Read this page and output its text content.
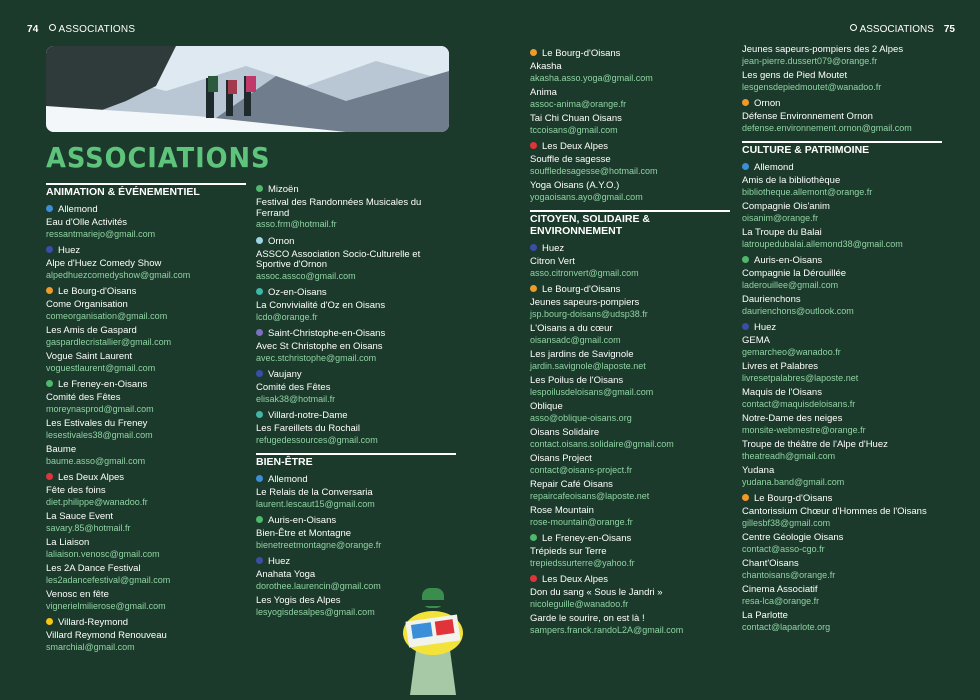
74 ASSOCIATIONS	ASSOCIATIONS 75
ASSOCIATIONS
ANIMATION & ÉVÉNEMENTIEL
Allemond
Eau d'Olle Activités
ressantmariejo@gmail.com
Huez
Alpe d'Huez Comedy Show
alpedhuezcomedyshow@gmail.com
Le Bourg-d'Oisans
Come Organisation
comeorganisation@gmail.com
Les Amis de Gaspard
gaspardlecristallier@gmail.com
Vogue Saint Laurent
voguestlaurent@gmail.com
Le Freney-en-Oisans
Comité des Fêtes
moreynasprod@gmail.com
Les Estivales du Freney
lesestivales38@gmail.com
Baume
baume.asso@gmail.com
Les Deux Alpes
Fête des foins
diet.philippe@wanadoo.fr
La Sauce Event
savary.85@hotmail.fr
La Liaison
laliaison.venosc@gmail.com
Les 2A Dance Festival
les2adancefestival@gmail.com
Venosc en fête
vignerielmilierose@gmail.com
Villard-Reymond
Villard Reymond Renouveau
smarchial@gmail.com
Mizoën
Festival des Randonnées Musicales du Ferrand
asso.frm@hotmail.fr
Ornon
ASSCO Association Socio-Culturelle et Sportive d'Ornon
assoc.assco@gmail.com
Oz-en-Oisans
La Convivialité d'Oz en Oisans
lcdo@orange.fr
Saint-Christophe-en-Oisans
Avec St Christophe en Oisans
avec.stchristophe@gmail.com
Vaujany
Comité des Fêtes
elisak38@hotmail.fr
Villard-notre-Dame
Les Fareillets du Rochail
refugedessources@gmail.com
BIEN-ÊTRE
Allemond
Le Relais de la Conversaria
laurent.lescaut15@gmail.com
Auris-en-Oisans
Bien-Être et Montagne
bienetreetmontagne@orange.fr
Huez
Anahata Yoga
dorothee.laurencin@gmail.com
Les Yogis des Alpes
lesyogisdesalpes@gmail.com
Le Bourg-d'Oisans
Akasha
akasha.asso.yoga@gmail.com
Anima
assoc-anima@orange.fr
Tai Chi Chuan Oisans
tccoisans@gmail.com
Les Deux Alpes
Souffle de sagesse
souffledesagesse@hotmail.com
Yoga Oisans (A.Y.O.)
yogaoisans.ayo@gmail.com
CITOYEN, SOLIDAIRE & ENVIRONNEMENT
Huez
Citron Vert
asso.citronvert@gmail.com
Le Bourg-d'Oisans
Jeunes sapeurs-pompiers
jsp.bourg-doisans@udsp38.fr
L'Oisans a du cœur
oisansadc@gmail.com
Les jardins de Savignole
jardin.savignole@laposte.net
Les Poilus de l'Oisans
lespoilusdeloisans@gmail.com
Oblique
asso@oblique-oisans.org
Oisans Solidaire
contact.oisans.solidaire@gmail.com
Oisans Project
contact@oisans-project.fr
Repair Café Oisans
repaircafeoisans@laposte.net
Rose Mountain
rose-mountain@orange.fr
Le Freney-en-Oisans
Trépieds sur Terre
trepiedssurterre@yahoo.fr
Les Deux Alpes
Don du sang « Sous le Jandri »
nicoleguille@wanadoo.fr
Garde le sourire, on est là !
sampers.franck.randoL2A@gmail.com
Jeunes sapeurs-pompiers des 2 Alpes
jean-pierre.dussert079@orange.fr
Les gens de Pied Moutet
lesgensdepiedmoutet@wanadoo.fr
Ornon
Défense Environnement Ornon
defense.environnement.ornon@gmail.com
CULTURE & PATRIMOINE
Allemond
Amis de la bibliothèque
bibliotheque.allemont@orange.fr
Compagnie Ois'anim
oisanim@orange.fr
La Troupe du Balai
latroupedubalai.allemond38@gmail.com
Auris-en-Oisans
Compagnie la Dérouillée
laderouillee@gmail.com
Daurienchons
daurienchons@outlook.com
Huez
GEMA
gemarcheo@wanadoo.fr
Livres et Palabres
livresetpalabres@laposte.net
Maquis de l'Oisans
contact@maquisdeloisans.fr
Notre-Dame des neiges
monsite-webmestre@orange.fr
Troupe de théâtre de l'Alpe d'Huez
theatreadh@gmail.com
Yudana
yudana.band@gmail.com
Le Bourg-d'Oisans
Cantorissium Chœur d'Hommes de l'Oisans
gillesbf38@gmail.com
Centre Géologie Oisans
contact@asso-cgo.fr
Chant'Oisans
chantoisans@orange.fr
Cinema Associatif
resa-lca@orange.fr
La Parlotte
contact@laparlote.org
